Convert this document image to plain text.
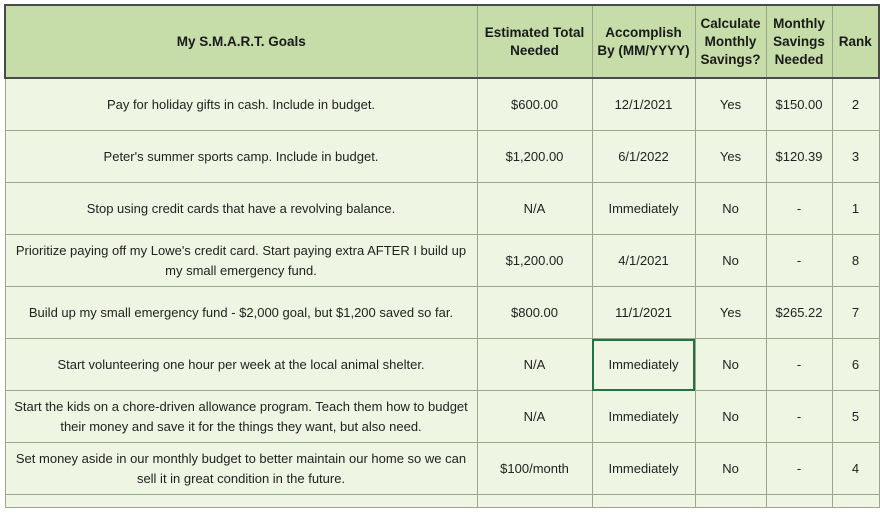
My S.M.A.R.T. Goals	Estimated Total Needed	Accomplish By (MM/YYYY)	Calculate Monthly Savings?	Monthly Savings Needed	Rank
Pay for holiday gifts in cash. Include in budget.	$600.00	12/1/2021	Yes	$150.00	2
Peter's summer sports camp. Include in budget.	$1,200.00	6/1/2022	Yes	$120.39	3
Stop using credit cards that have a revolving balance.	N/A	Immediately	No	-	1
Prioritize paying off my Lowe's credit card. Start paying extra AFTER I build up my small emergency fund.	$1,200.00	4/1/2021	No	-	8
Build up my small emergency fund - $2,000 goal, but $1,200 saved so far.	$800.00	11/1/2021	Yes	$265.22	7
Start volunteering one hour per week at the local animal shelter.	N/A	Immediately	No	-	6
Start the kids on a chore-driven allowance program. Teach them how to budget their money and save it for the things they want, but also need.	N/A	Immediately	No	-	5
Set money aside in our monthly budget to better maintain our home so we can sell it in great condition in the future.	$100/month	Immediately	No	-	4
